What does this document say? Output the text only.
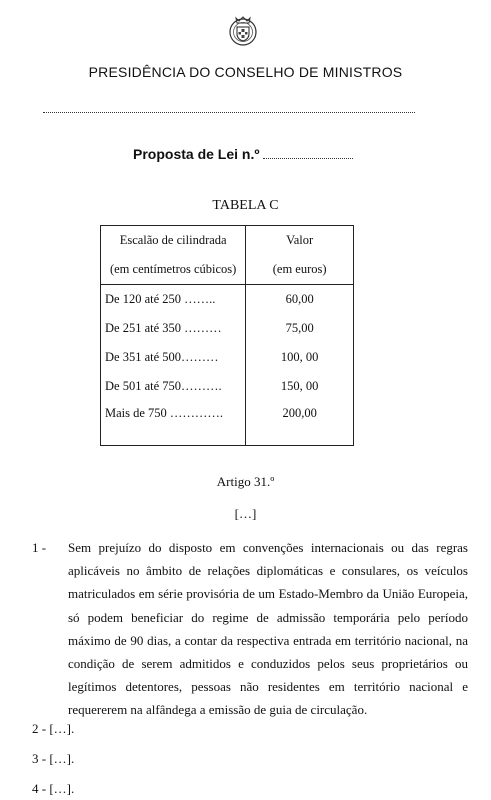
PRESIDÊNCIA DO CONSELHO DE MINISTROS
Proposta de Lei n.º
TABELA C
Escalão de cilindrada	Valor
(em centímetros cúbicos)	(em euros)
De 120 até 250 ……..	60,00
De 251 até 350 ………	75,00
De 351 até 500………	100, 00
De 501 até 750……….	150, 00
Mais de 750 ………….	200,00
Artigo 31.º
[…]
1 -	Sem prejuízo do disposto em convenções internacionais ou das regras aplicáveis no âmbito de relações diplomáticas e consulares, os veículos matriculados em série provisória de um Estado-Membro da União Europeia, só podem beneficiar do regime de admissão temporária pelo período máximo de 90 dias, a contar da respectiva entrada em território nacional, na condição de serem admitidos e conduzidos pelos seus proprietários ou legítimos detentores, pessoas não residentes em território nacional e requererem na alfândega a emissão de guia de circulação.
2 - […].
3 - […].
4 - […].
